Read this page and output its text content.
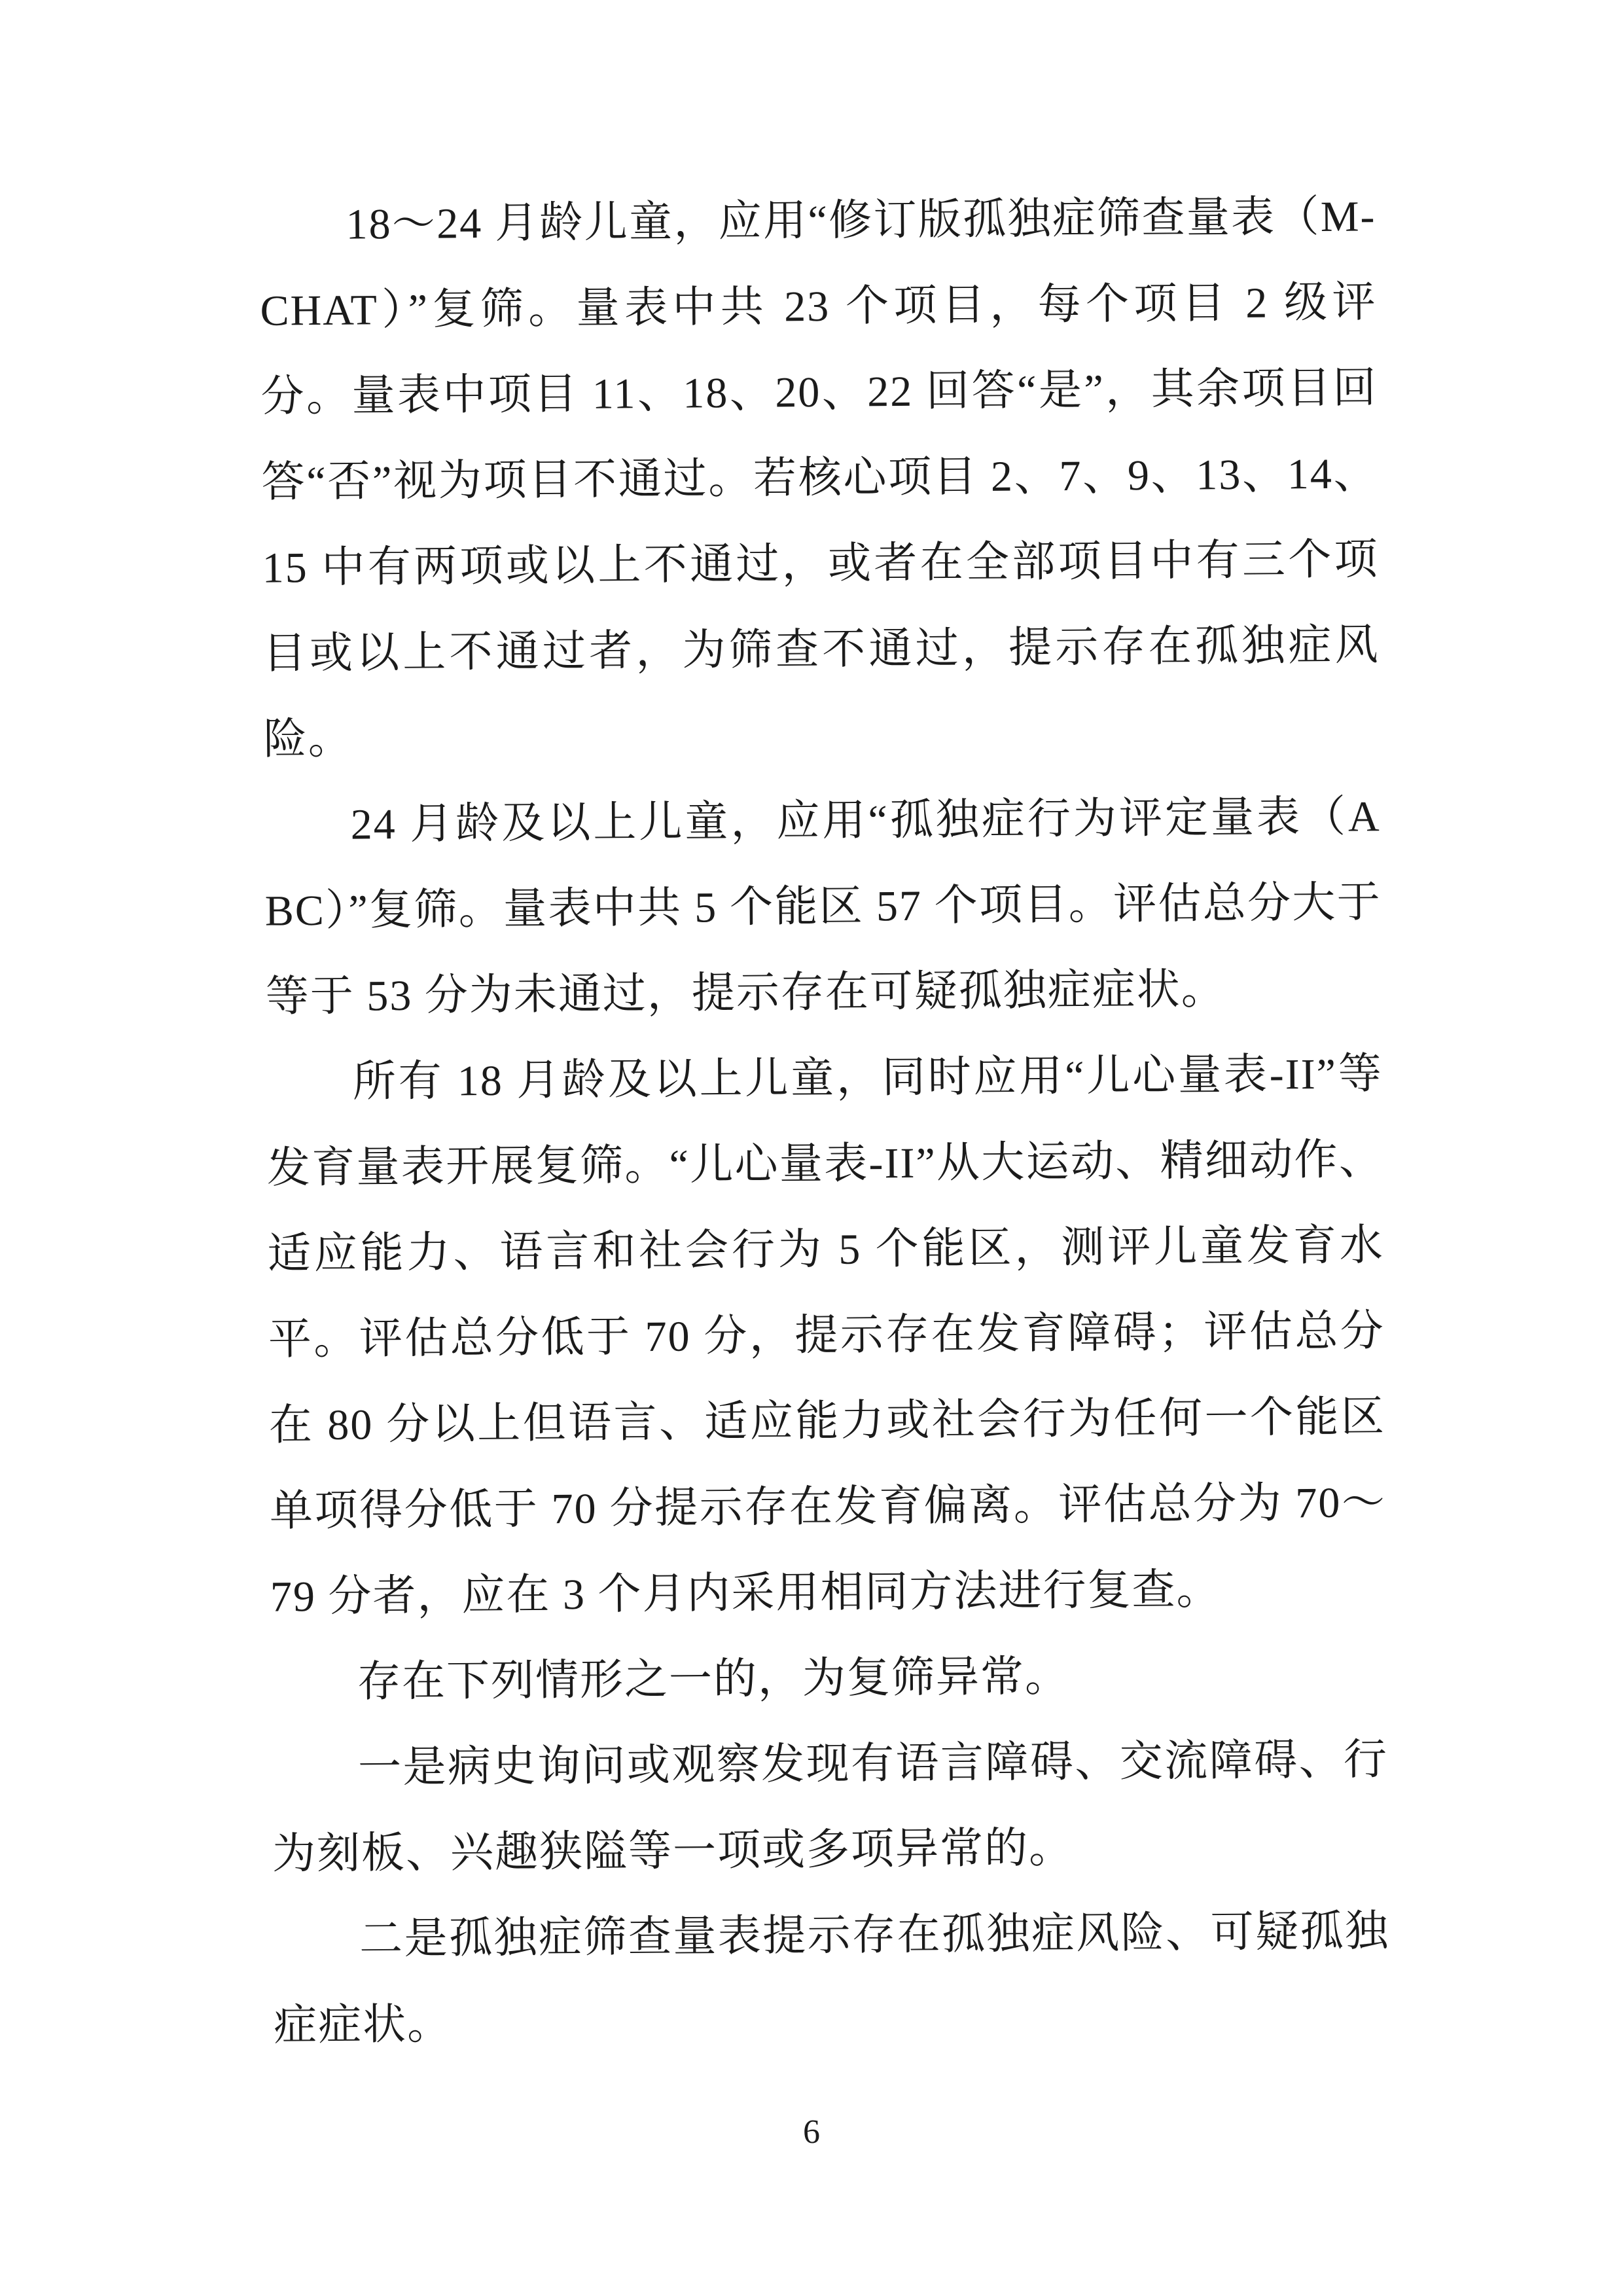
18～24 月龄儿童，应用“修订版孤独症筛查量表（M-CHAT）”复筛。量表中共 23 个项目，每个项目 2 级评分。量表中项目 11、18、20、22 回答“是”，其余项目回答“否”视为项目不通过。若核心项目 2、7、9、13、14、15 中有两项或以上不通过，或者在全部项目中有三个项目或以上不通过者，为筛查不通过，提示存在孤独症风险。

24 月龄及以上儿童，应用“孤独症行为评定量表（ABC）”复筛。量表中共 5 个能区 57 个项目。评估总分大于等于 53 分为未通过，提示存在可疑孤独症症状。

所有 18 月龄及以上儿童，同时应用“儿心量表-II”等发育量表开展复筛。“儿心量表-II”从大运动、精细动作、适应能力、语言和社会行为 5 个能区，测评儿童发育水平。评估总分低于 70 分，提示存在发育障碍；评估总分在 80 分以上但语言、适应能力或社会行为任何一个能区单项得分低于 70 分提示存在发育偏离。评估总分为 70～79 分者，应在 3 个月内采用相同方法进行复查。

存在下列情形之一的，为复筛异常。

一是病史询问或观察发现有语言障碍、交流障碍、行为刻板、兴趣狭隘等一项或多项异常的。

二是孤独症筛查量表提示存在孤独症风险、可疑孤独症症状。

6
